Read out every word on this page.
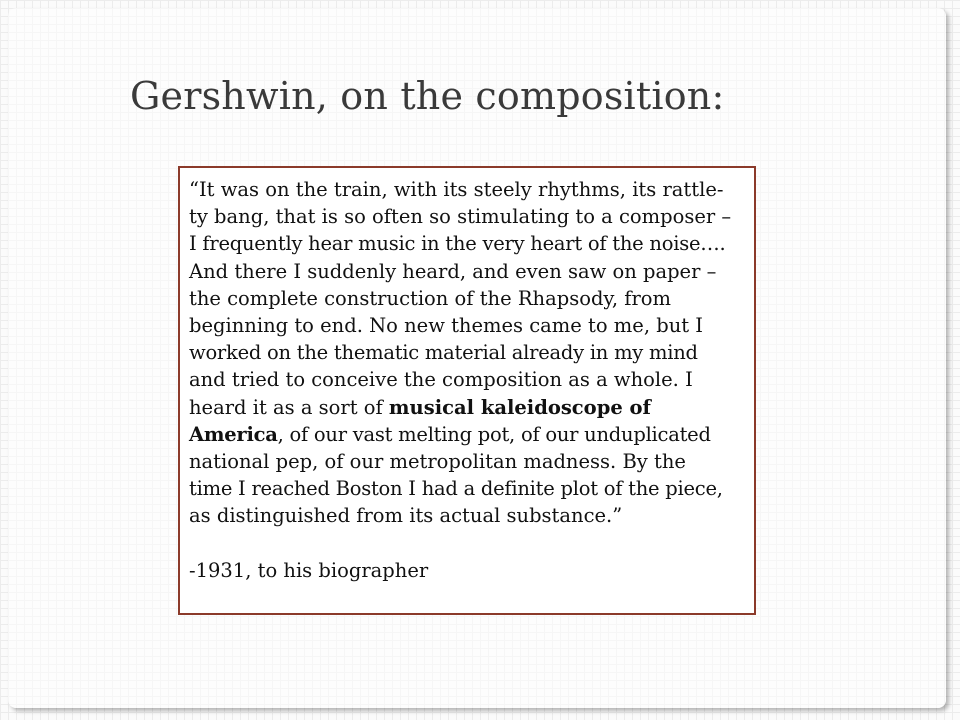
Gershwin, on the composition:
“It was on the train, with its steely rhythms, its rattle-
ty bang, that is so often so stimulating to a composer –
I frequently hear music in the very heart of the noise….
And there I suddenly heard, and even saw on paper –
the complete construction of the Rhapsody, from
beginning to end. No new themes came to me, but I
worked on the thematic material already in my mind
and tried to conceive the composition as a whole. I
heard it as a sort of musical kaleidoscope of
America, of our vast melting pot, of our unduplicated
national pep, of our metropolitan madness. By the
time I reached Boston I had a definite plot of the piece,
as distinguished from its actual substance.”
-1931, to his biographer
